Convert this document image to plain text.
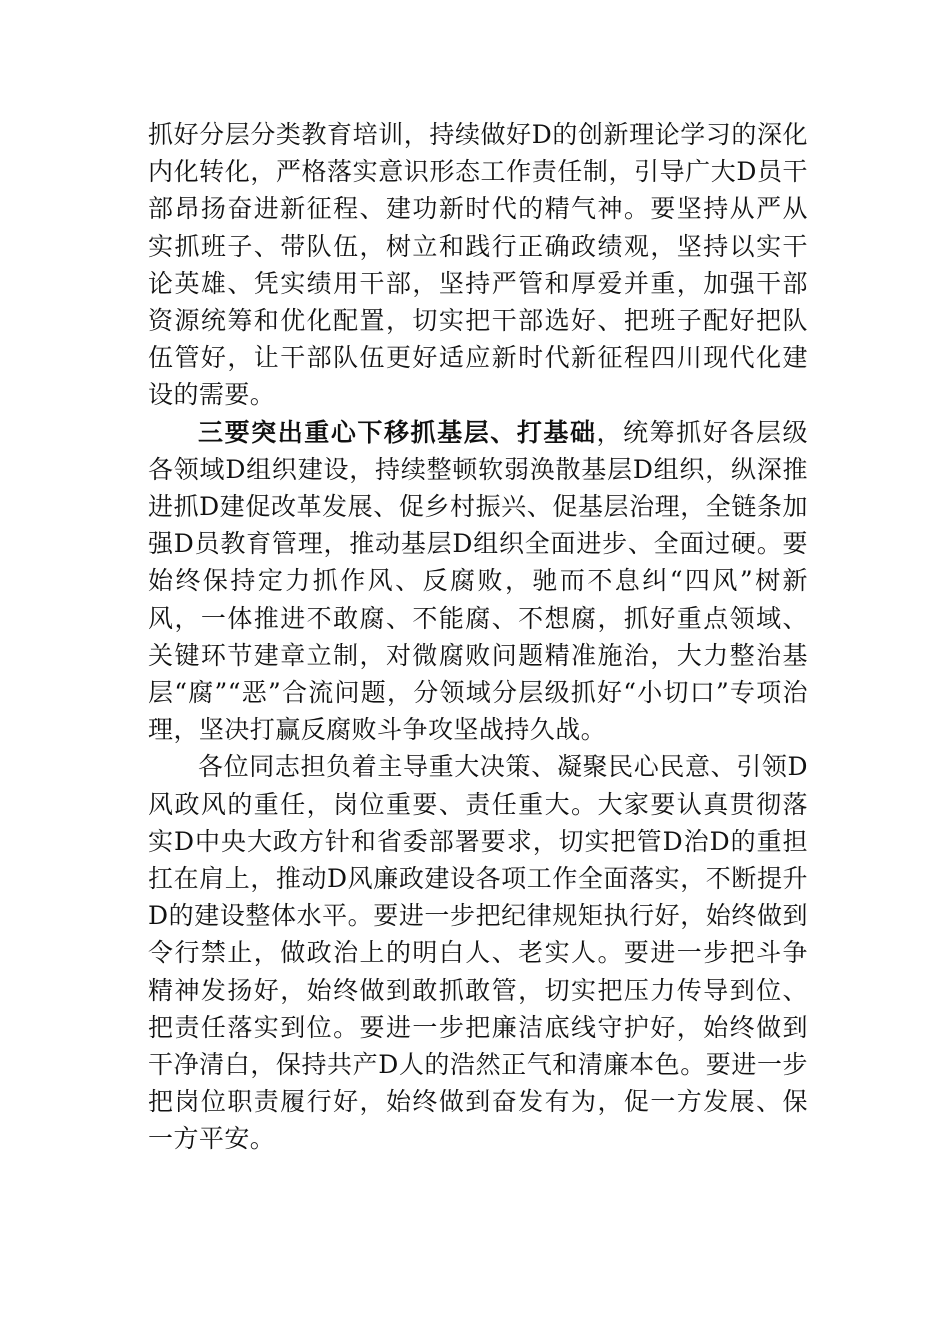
抓好分层分类教育培训，持续做好D的创新理论学习的深化内化转化，严格落实意识形态工作责任制，引导广大D员干部昂扬奋进新征程、建功新时代的精气神。要坚持从严从实抓班子、带队伍，树立和践行正确政绩观，坚持以实干论英雄、凭实绩用干部，坚持严管和厚爱并重，加强干部资源统筹和优化配置，切实把干部选好、把班子配好把队伍管好，让干部队伍更好适应新时代新征程四川现代化建设的需要。

三要突出重心下移抓基层、打基础，统筹抓好各层级各领域D组织建设，持续整顿软弱涣散基层D组织，纵深推进抓D建促改革发展、促乡村振兴、促基层治理，全链条加强D员教育管理，推动基层D组织全面进步、全面过硬。要始终保持定力抓作风、反腐败，驰而不息纠“四风”树新风，一体推进不敢腐、不能腐、不想腐，抓好重点领域、关键环节建章立制，对微腐败问题精准施治，大力整治基层“腐”“恶”合流问题，分领域分层级抓好“小切口”专项治理，坚决打赢反腐败斗争攻坚战持久战。

各位同志担负着主导重大决策、凝聚民心民意、引领D风政风的重任，岗位重要、责任重大。大家要认真贯彻落实D中央大政方针和省委部署要求，切实把管D治D的重担扛在肩上，推动D风廉政建设各项工作全面落实，不断提升D的建设整体水平。要进一步把纪律规矩执行好，始终做到令行禁止，做政治上的明白人、老实人。要进一步把斗争精神发扬好，始终做到敢抓敢管，切实把压力传导到位、把责任落实到位。要进一步把廉洁底线守护好，始终做到干净清白，保持共产D人的浩然正气和清廉本色。要进一步把岗位职责履行好，始终做到奋发有为，促一方发展、保一方平安。
